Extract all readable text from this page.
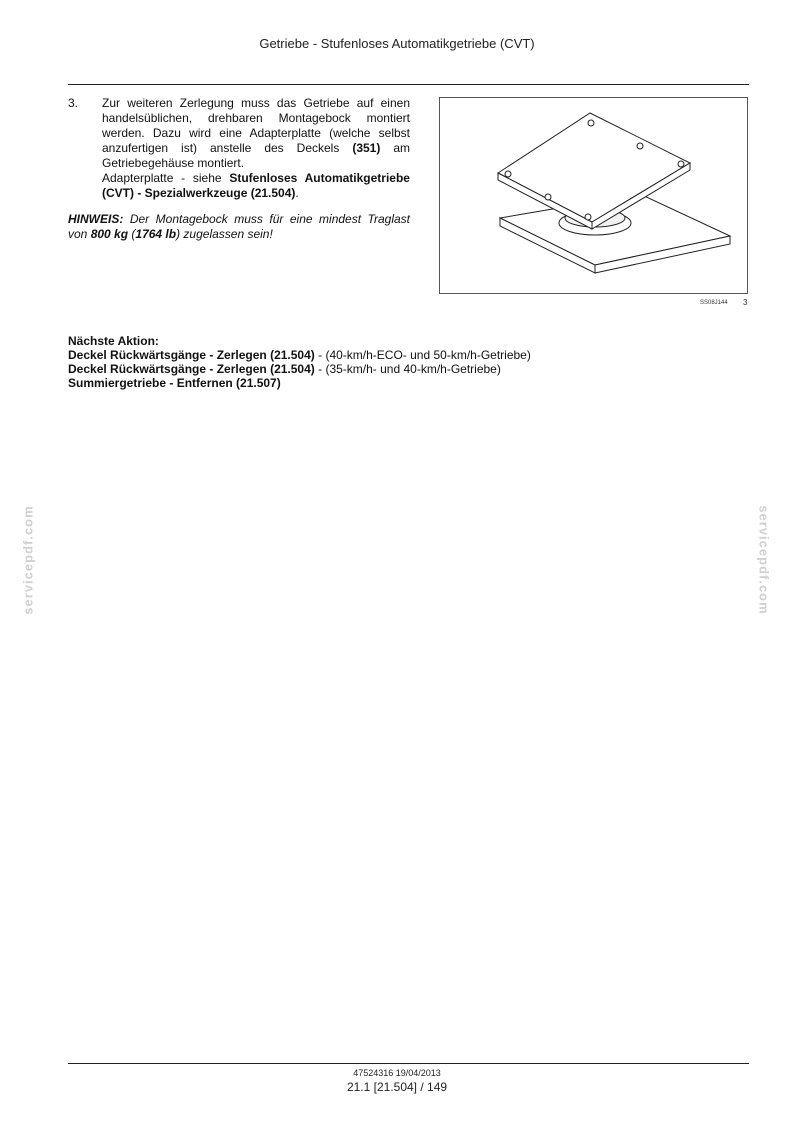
Getriebe - Stufenloses Automatikgetriebe (CVT)
3. Zur weiteren Zerlegung muss das Getriebe auf einen handelsüblichen, drehbaren Montagebock montiert werden. Dazu wird eine Adapterplatte (welche selbst anzufertigen ist) anstelle des Deckels (351) am Getriebegehäuse montiert.

Adapterplatte - siehe Stufenloses Automatikgetriebe (CVT) - Spezialwerkzeuge (21.504).

HINWEIS: Der Montagebock muss für eine mindest Traglast von 800 kg (1764 lb) zugelassen sein!
SS08J144 3
Nächste Aktion:
Deckel Rückwärtsgänge - Zerlegen (21.504) - (40-km/h-ECO- und 50-km/h-Getriebe)
Deckel Rückwärtsgänge - Zerlegen (21.504) - (35-km/h- und 40-km/h-Getriebe)
Summiergetriebe - Entfernen (21.507)
servicepdf.com	servicepdf.com
47524316 19/04/2013
21.1 [21.504] / 149
